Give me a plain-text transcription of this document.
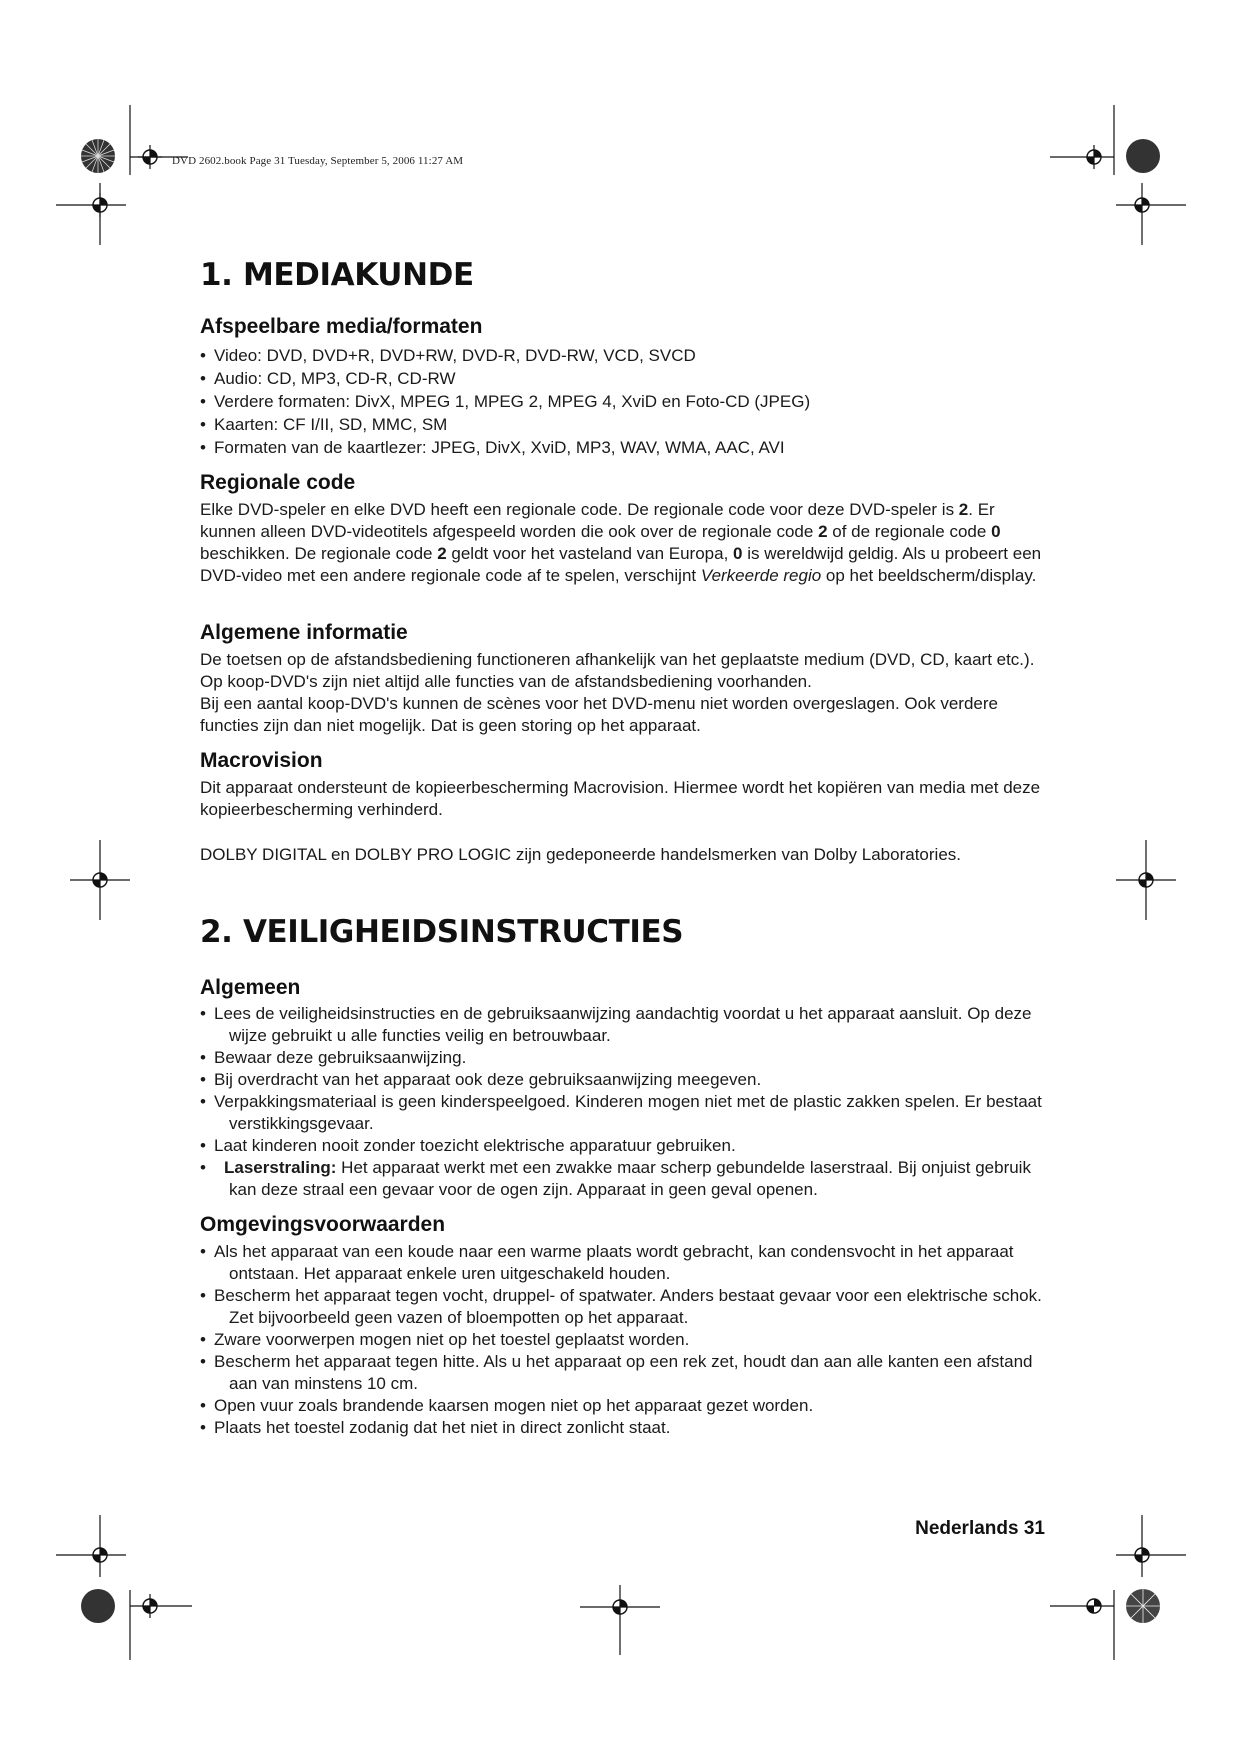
DVD 2602.book Page 31 Tuesday, September 5, 2006 11:27 AM
1. MEDIAKUNDE
Afspeelbare media/formaten
• Video: DVD, DVD+R, DVD+RW, DVD-R, DVD-RW, VCD, SVCD
• Audio: CD, MP3, CD-R, CD-RW
• Verdere formaten: DivX, MPEG 1, MPEG 2, MPEG 4, XviD en Foto-CD (JPEG)
• Kaarten: CF I/II, SD, MMC, SM
• Formaten van de kaartlezer: JPEG, DivX, XviD, MP3, WAV, WMA, AAC, AVI
Regionale code

Elke DVD-speler en elke DVD heeft een regionale code. De regionale code voor deze DVD-speler is 2. Er kunnen alleen DVD-videotitels afgespeeld worden die ook over de regionale code 2 of de regionale code 0 beschikken. De regionale code 2 geldt voor het vasteland van Europa, 0 is wereldwijd geldig. Als u probeert een DVD-video met een andere regionale code af te spelen, verschijnt Verkeerde regio op het beeldscherm/display.

Algemene informatie

De toetsen op de afstandsbediening functioneren afhankelijk van het geplaatste medium (DVD, CD, kaart etc.). Op koop-DVD's zijn niet altijd alle functies van de afstandsbediening voorhanden.

Bij een aantal koop-DVD's kunnen de scènes voor het DVD-menu niet worden overgeslagen. Ook verdere functies zijn dan niet mogelijk. Dat is geen storing op het apparaat.

Macrovision

Dit apparaat ondersteunt de kopieerbescherming Macrovision. Hiermee wordt het kopiëren van media met deze kopieerbescherming verhinderd.

DOLBY DIGITAL en DOLBY PRO LOGIC zijn gedeponeerde handelsmerken van Dolby Laboratories.

2. VEILIGHEIDSINSTRUCTIES
Algemeen
• Lees de veiligheidsinstructies en de gebruiksaanwijzing aandachtig voordat u het apparaat aansluit. Op deze wijze gebruikt u alle functies veilig en betrouwbaar.
• Bewaar deze gebruiksaanwijzing.
• Bij overdracht van het apparaat ook deze gebruiksaanwijzing meegeven.
• Verpakkingsmateriaal is geen kinderspeelgoed. Kinderen mogen niet met de plastic zakken spelen. Er bestaat verstikkingsgevaar.
• Laat kinderen nooit zonder toezicht elektrische apparatuur gebruiken.
• Laserstraling: Het apparaat werkt met een zwakke maar scherp gebundelde laserstraal. Bij onjuist gebruik kan deze straal een gevaar voor de ogen zijn. Apparaat in geen geval openen.
Omgevingsvoorwaarden
• Als het apparaat van een koude naar een warme plaats wordt gebracht, kan condensvocht in het apparaat ontstaan. Het apparaat enkele uren uitgeschakeld houden.
• Bescherm het apparaat tegen vocht, druppel- of spatwater. Anders bestaat gevaar voor een elektrische schok. Zet bijvoorbeeld geen vazen of bloempotten op het apparaat.
• Zware voorwerpen mogen niet op het toestel geplaatst worden.
• Bescherm het apparaat tegen hitte. Als u het apparaat op een rek zet, houdt dan aan alle kanten een afstand aan van minstens 10 cm.
• Open vuur zoals brandende kaarsen mogen niet op het apparaat gezet worden.
• Plaats het toestel zodanig dat het niet in direct zonlicht staat.
Nederlands 31
